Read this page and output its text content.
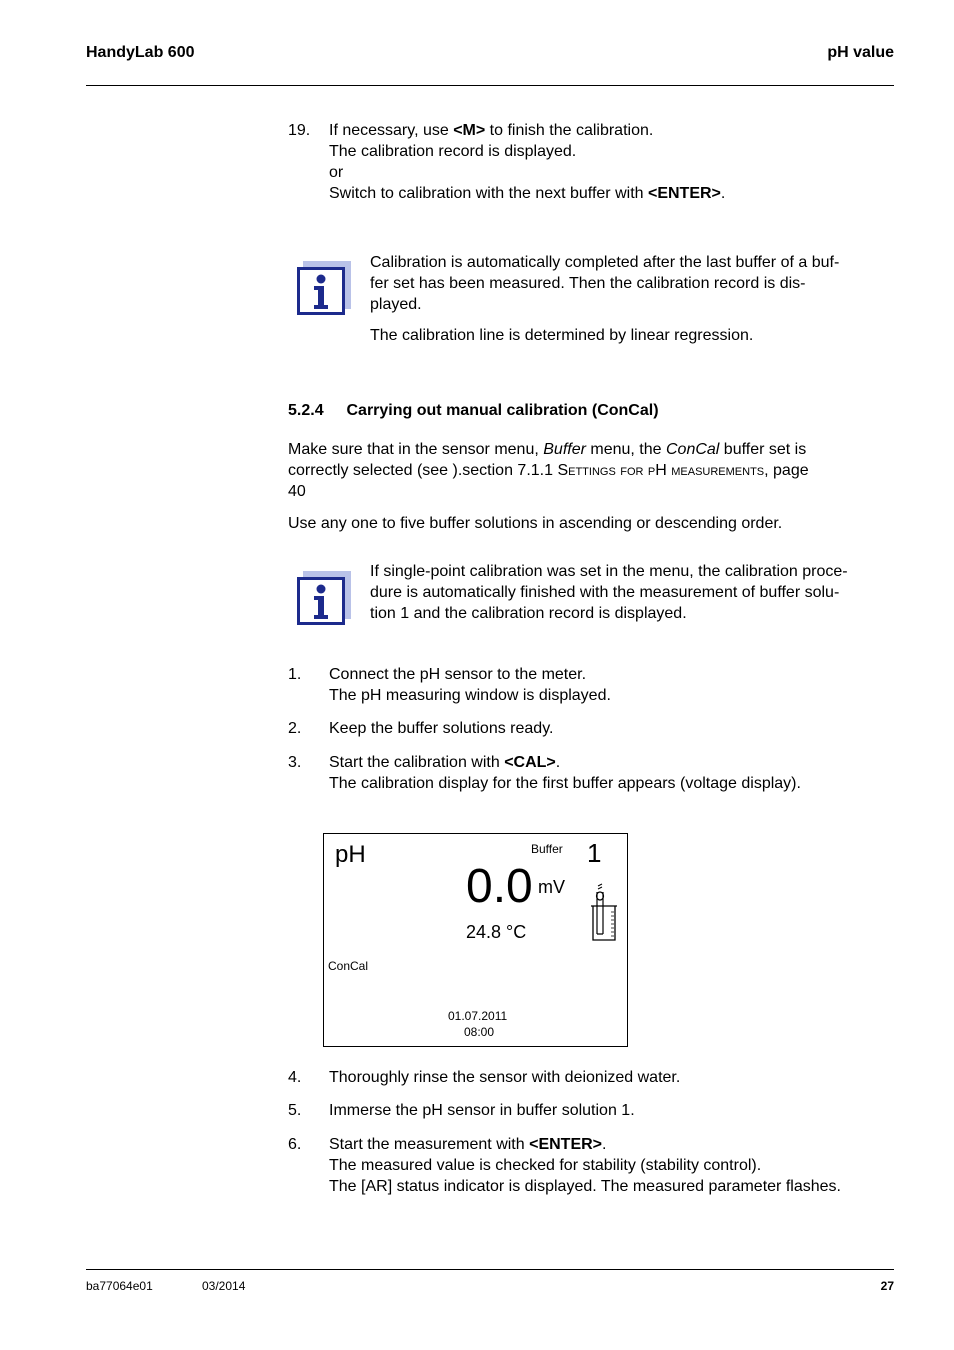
HandyLab 600	pH value
19. If necessary, use <M> to finish the calibration.
The calibration record is displayed.
or
Switch to calibration with the next buffer with <ENTER>.

Calibration is automatically completed after the last buffer of a buf-
fer set has been measured. Then the calibration record is dis-
played.

The calibration line is determined by linear regression.

5.2.4 Carrying out manual calibration (ConCal)
Make sure that in the sensor menu, Buffer menu, the ConCal buffer set is
correctly selected (see ).section 7.1.1 Settings for pH measurements, page
40
Use any one to five buffer solutions in ascending or descending order.
If single-point calibration was set in the menu, the calibration proce-
dure is automatically finished with the measurement of buffer solu-
tion 1 and the calibration record is displayed.
1. Connect the pH sensor to the meter.
The pH measuring window is displayed.
2. Keep the buffer solutions ready.
3. Start the calibration with <CAL>.
The calibration display for the first buffer appears (voltage display).
pH	Buffer 1
0.0 mV
24.8 °C
ConCal
01.07.2011
08:00
4. Thoroughly rinse the sensor with deionized water.
5. Immerse the pH sensor in buffer solution 1.
6. Start the measurement with <ENTER>.
The measured value is checked for stability (stability control).
The [AR] status indicator is displayed. The measured parameter flashes.
ba77064e01	03/2014	27
